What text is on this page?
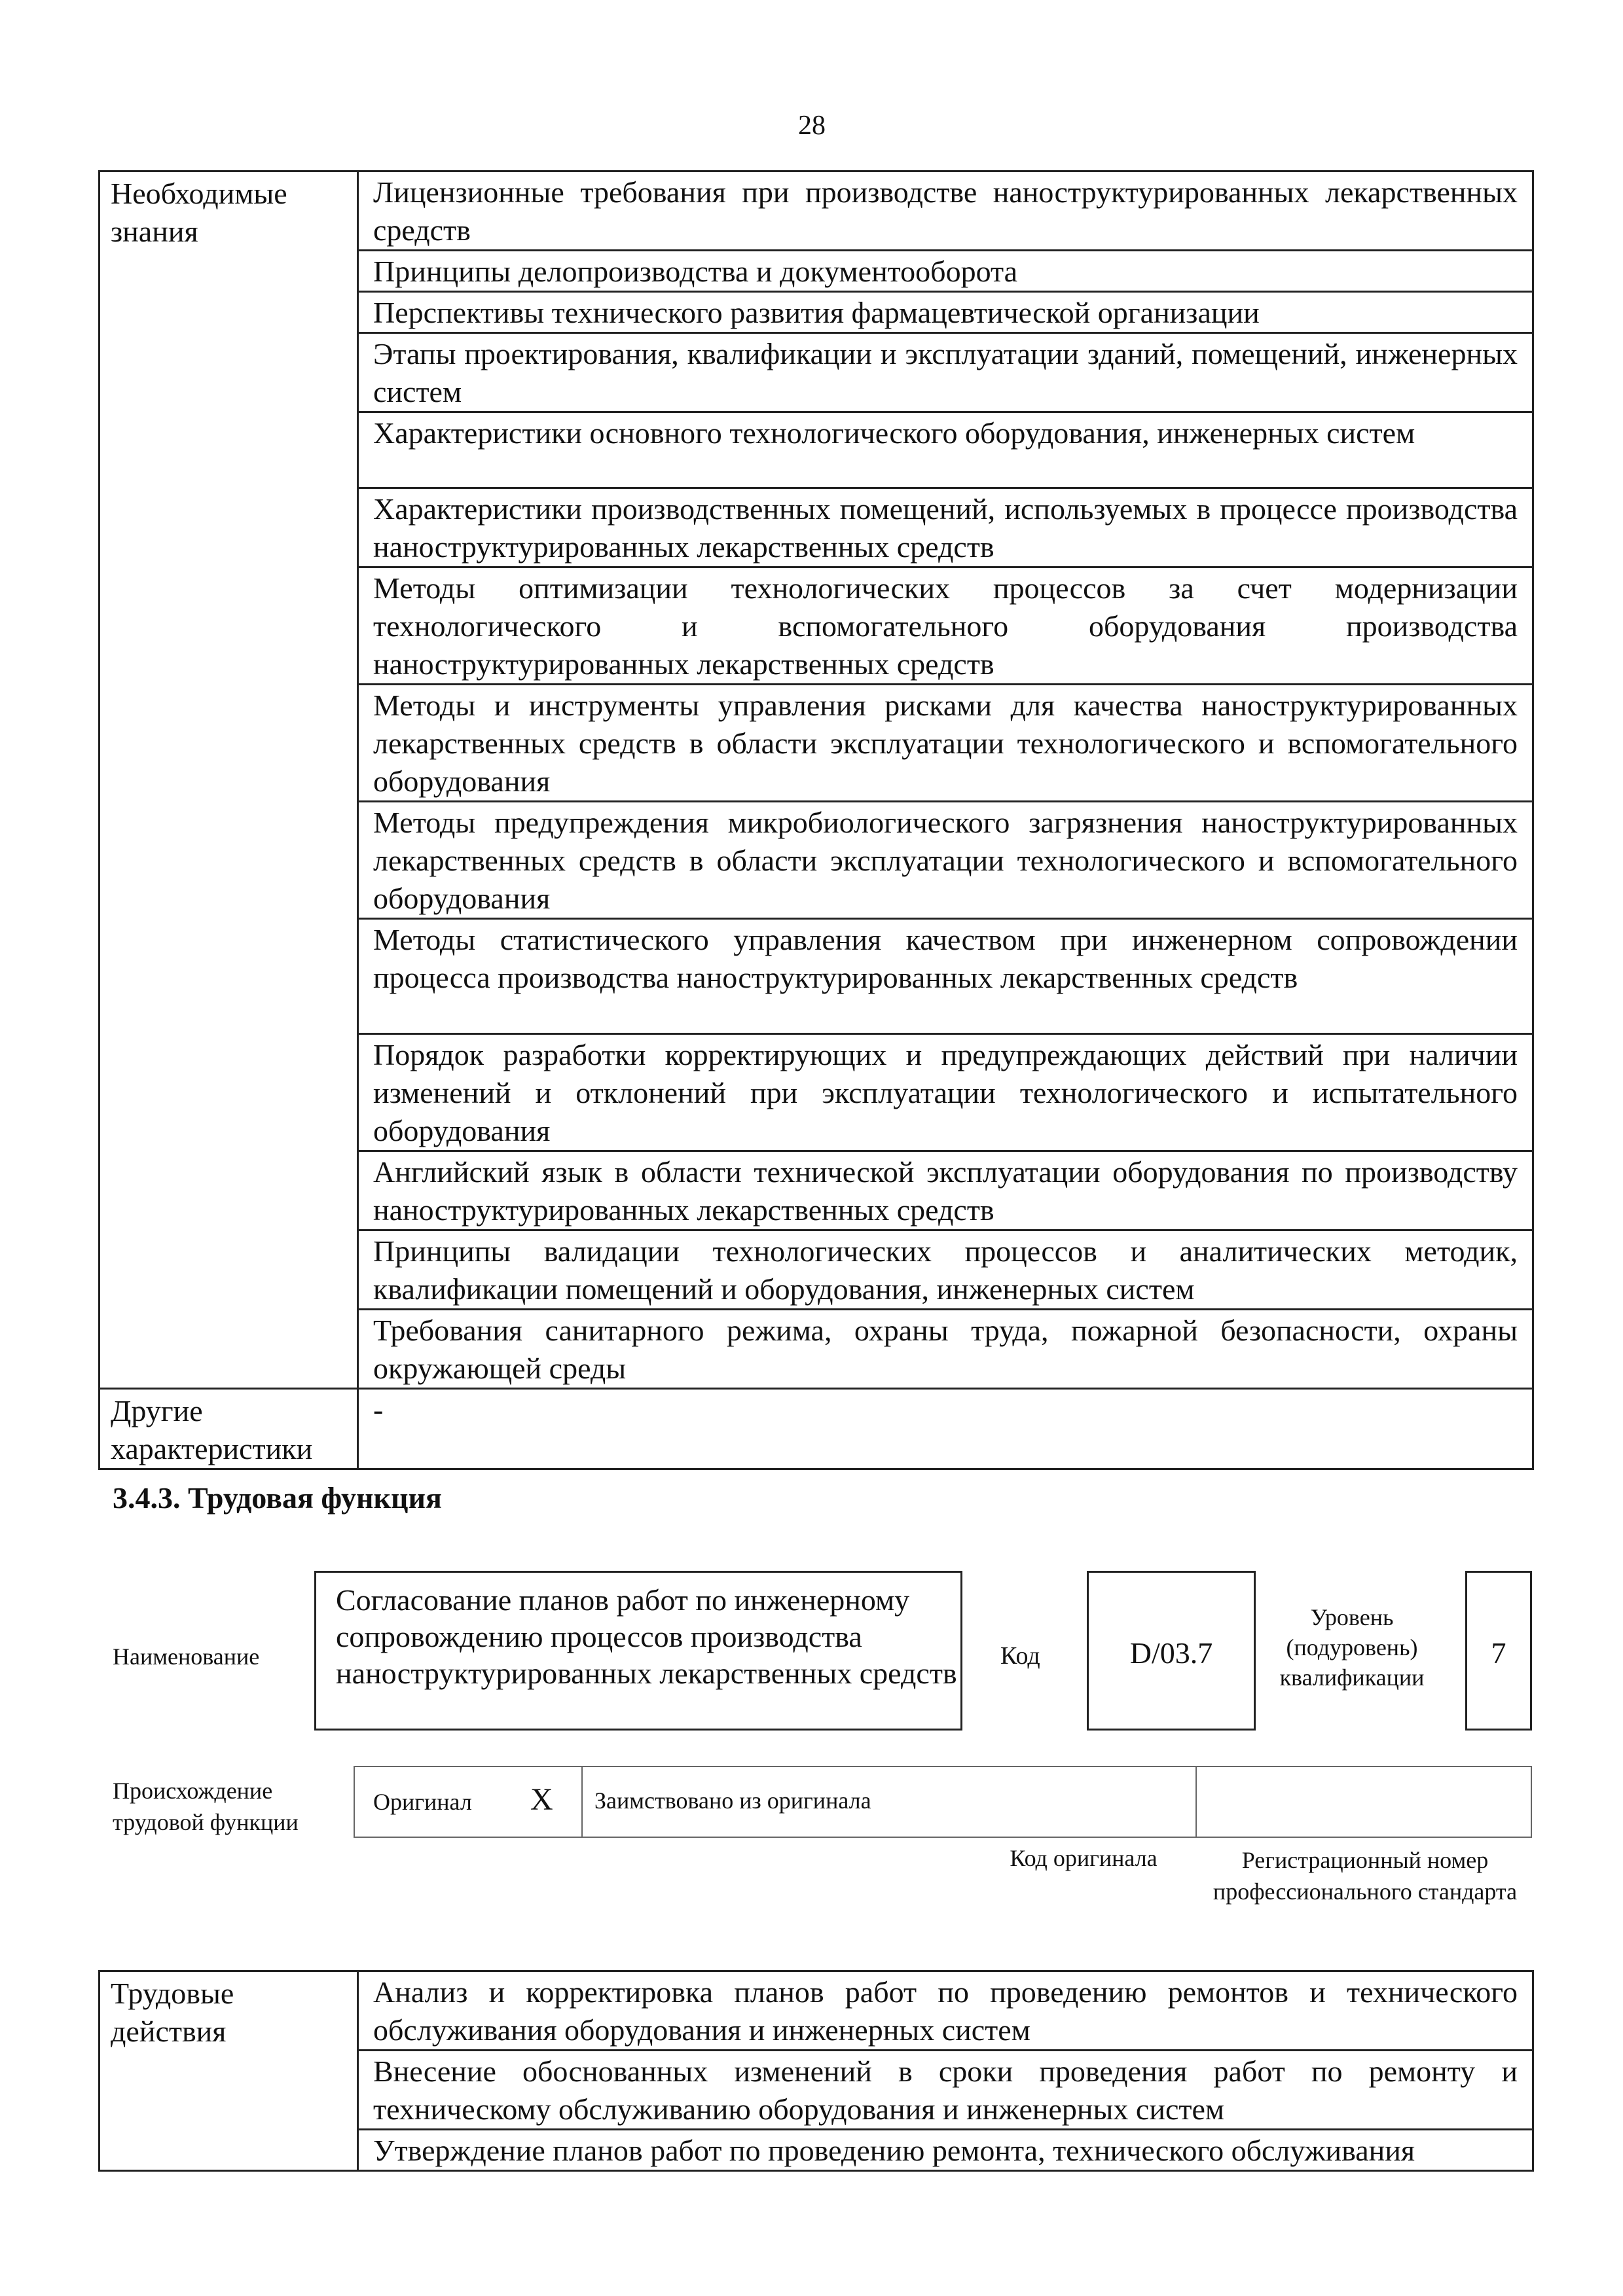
28
Необходимые знания	Лицензионные требования при производстве наноструктурированных лекарственных средств
	Принципы делопроизводства и документооборота
	Перспективы технического развития фармацевтической организации
	Этапы проектирования, квалификации и эксплуатации зданий, помещений, инженерных систем
	Характеристики основного технологического оборудования, инженерных систем
	Характеристики производственных помещений, используемых в процессе производства наноструктурированных лекарственных средств
	Методы оптимизации технологических процессов за счет модернизации технологического и вспомогательного оборудования производства наноструктурированных лекарственных средств
	Методы и инструменты управления рисками для качества наноструктурированных лекарственных средств в области эксплуатации технологического и вспомогательного оборудования
	Методы предупреждения микробиологического загрязнения наноструктурированных лекарственных средств в области эксплуатации технологического и вспомогательного оборудования
	Методы статистического управления качеством при инженерном сопровождении процесса производства наноструктурированных лекарственных средств
	Порядок разработки корректирующих и предупреждающих действий при наличии изменений и отклонений при эксплуатации технологического и испытательного оборудования
	Английский язык в области технической эксплуатации оборудования по производству наноструктурированных лекарственных средств
	Принципы валидации технологических процессов и аналитических методик, квалификации помещений и оборудования, инженерных систем
	Требования санитарного режима, охраны труда, пожарной безопасности, охраны окружающей среды
Другие характеристики	-
3.4.3. Трудовая функция
Наименование
Согласование планов работ по инженерному сопровождению процессов производства наноструктурированных лекарственных средств
Код	D/03.7
Уровень (подуровень) квалификации
7
Происхождение трудовой функции
Оригинал X Заимствовано из оригинала
Код оригинала	Регистрационный номер профессионального стандарта
Трудовые действия	Анализ и корректировка планов работ по проведению ремонтов и технического обслуживания оборудования и инженерных систем
Внесение обоснованных изменений в сроки проведения работ по ремонту и техническому обслуживанию оборудования и инженерных систем
Утверждение планов работ по проведению ремонта, технического обслуживания
